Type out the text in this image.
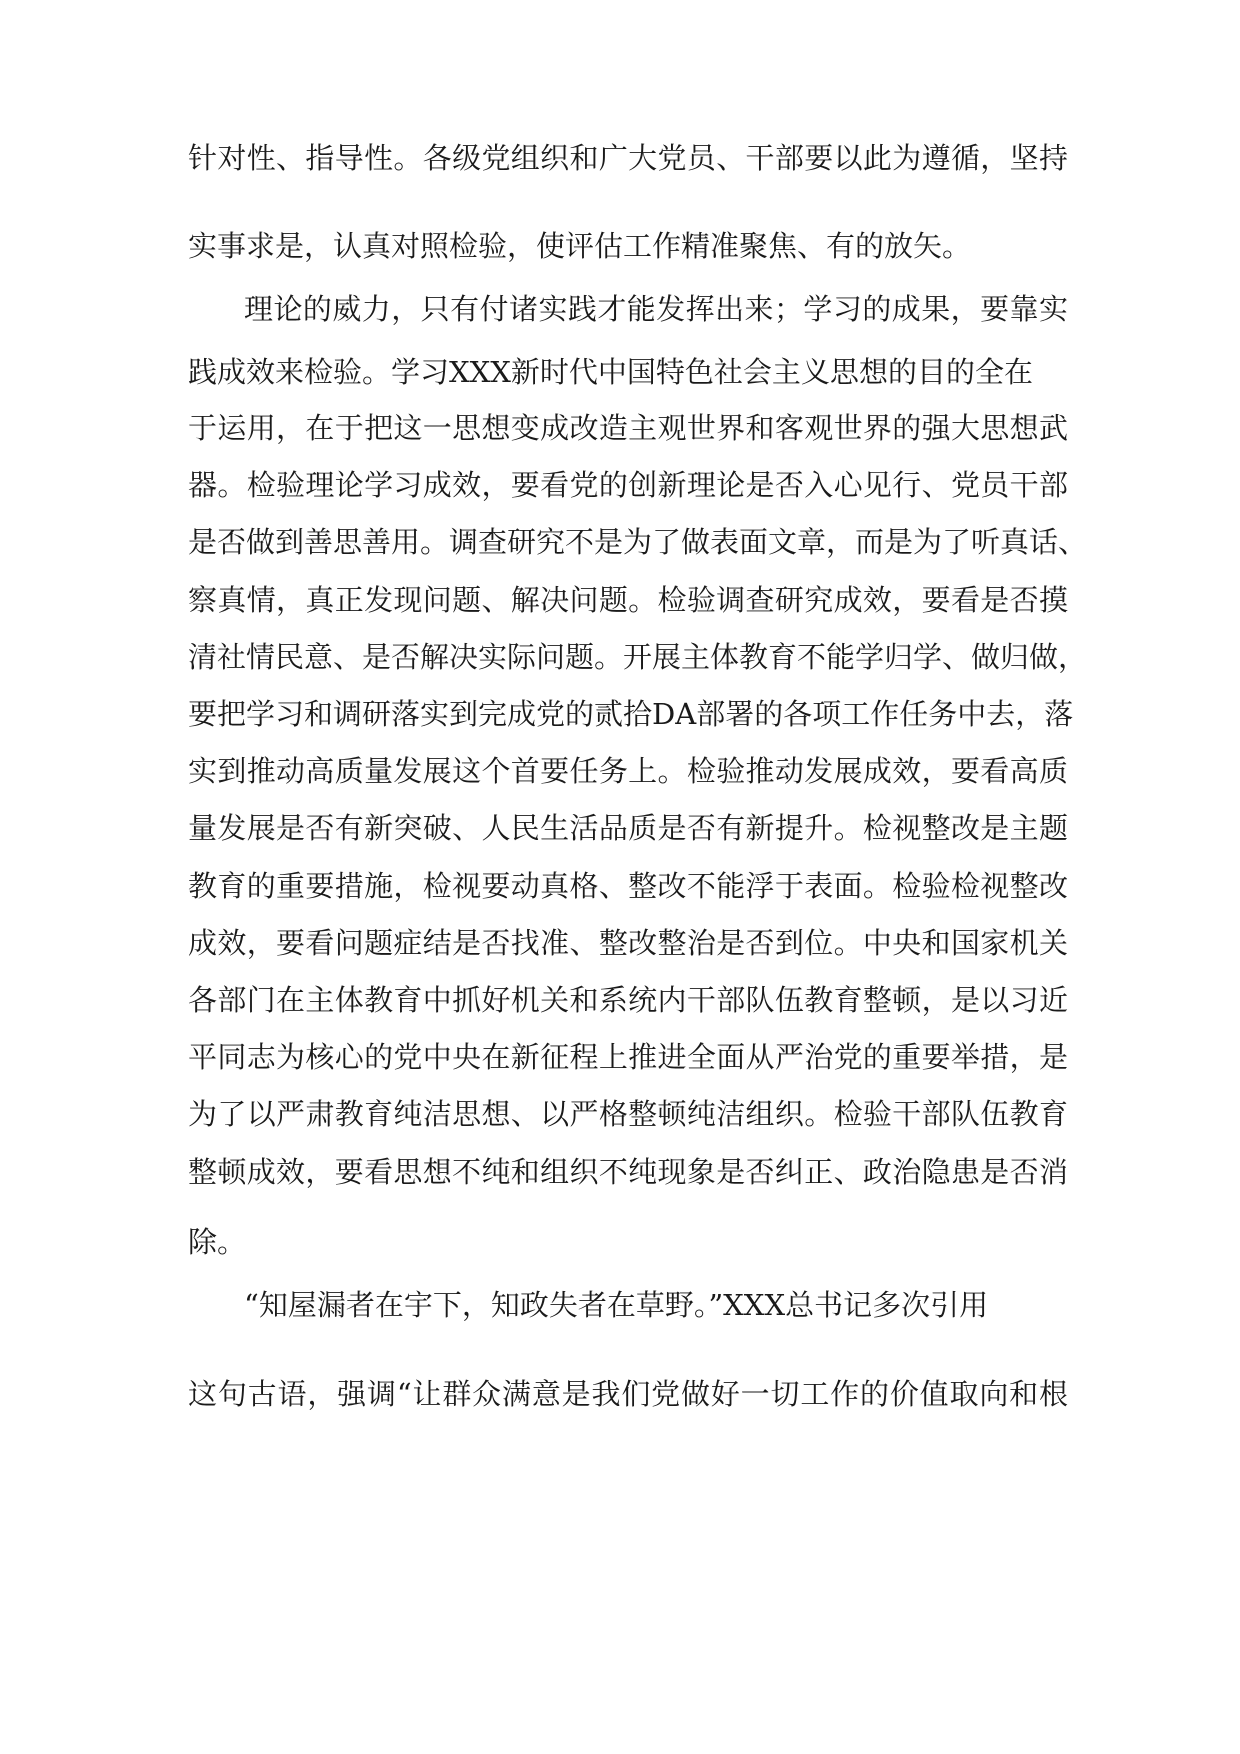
针对性、指导性。各级党组织和广大党员、干部要以此为遵循，坚持
实事求是，认真对照检验，使评估工作精准聚焦、有的放矢。
理论的威力，只有付诸实践才能发挥出来；学习的成果，要靠实
践成效来检验。学习XXX新时代中国特色社会主义思想的目的全在
于运用，在于把这一思想变成改造主观世界和客观世界的强大思想武
器。检验理论学习成效，要看党的创新理论是否入心见行、党员干部
是否做到善思善用。调查研究不是为了做表面文章，而是为了听真话、
察真情，真正发现问题、解决问题。检验调查研究成效，要看是否摸
清社情民意、是否解决实际问题。开展主体教育不能学归学、做归做，
要把学习和调研落实到完成党的贰拾DA部署的各项工作任务中去，落
实到推动高质量发展这个首要任务上。检验推动发展成效，要看高质
量发展是否有新突破、人民生活品质是否有新提升。检视整改是主题
教育的重要措施，检视要动真格、整改不能浮于表面。检验检视整改
成效，要看问题症结是否找准、整改整治是否到位。中央和国家机关
各部门在主体教育中抓好机关和系统内干部队伍教育整顿，是以习近
平同志为核心的党中央在新征程上推进全面从严治党的重要举措，是
为了以严肃教育纯洁思想、以严格整顿纯洁组织。检验干部队伍教育
整顿成效，要看思想不纯和组织不纯现象是否纠正、政治隐患是否消
除。
“知屋漏者在宇下，知政失者在草野。”XXX总书记多次引用
这句古语，强调“让群众满意是我们党做好一切工作的价值取向和根
